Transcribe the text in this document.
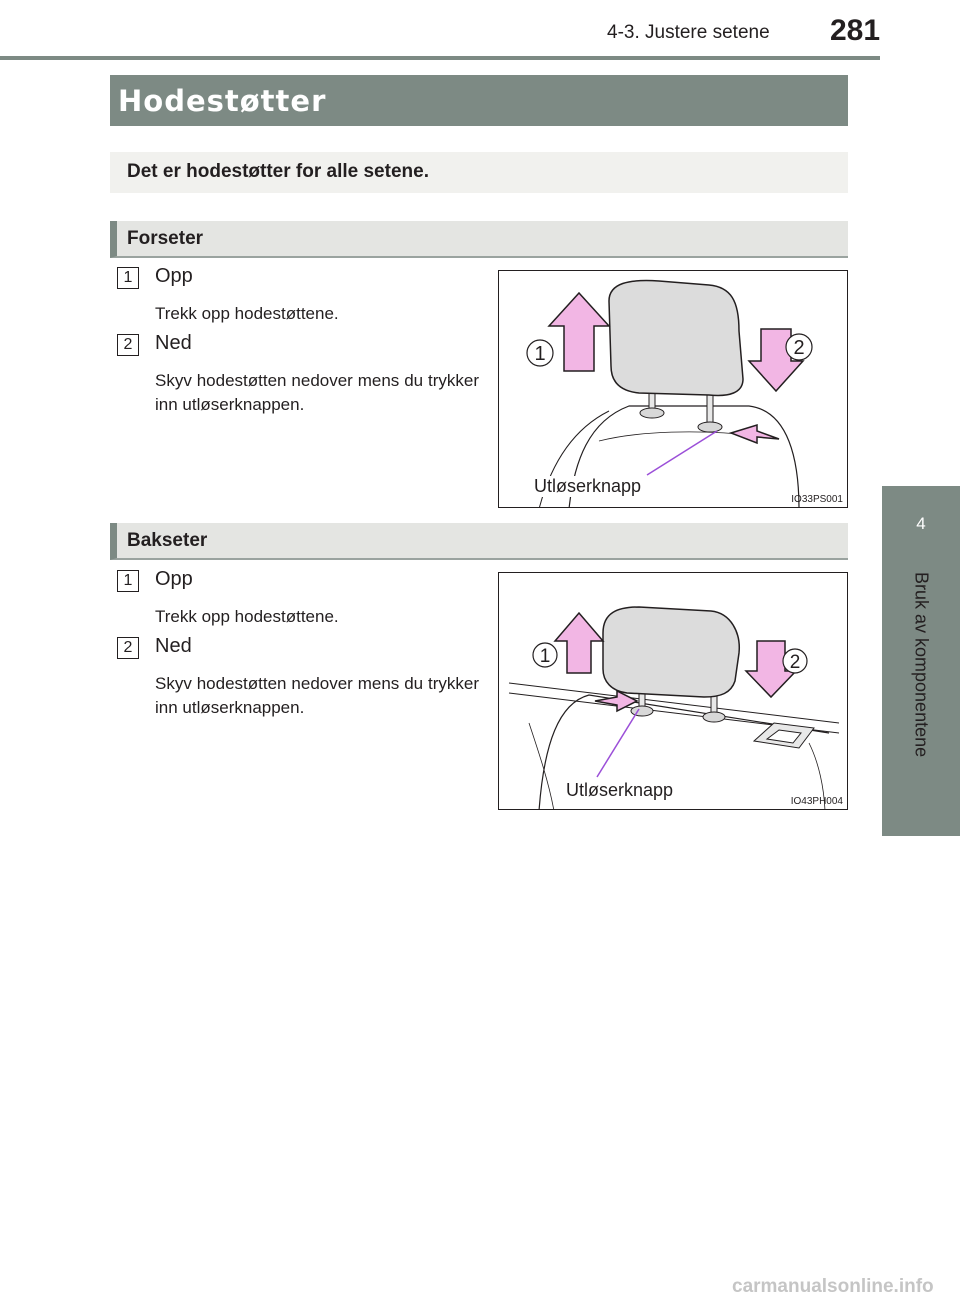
4-3. Justere setene 281
4
Bruk av komponentene
Hodestøtter
Det er hodestøtter for alle setene.
Forseter
1	Opp
Trekk opp hodestøttene.
2	Ned
Skyv hodestøtten nedover mens du trykker inn utløserknappen.
1	2
Utløserknapp
IO33PS001
Bakseter
1	Opp
Trekk opp hodestøttene.
2	Ned
Skyv hodestøtten nedover mens du trykker inn utløserknappen.
1	2
Utløserknapp
IO43PH004
carmanualsonline.info
